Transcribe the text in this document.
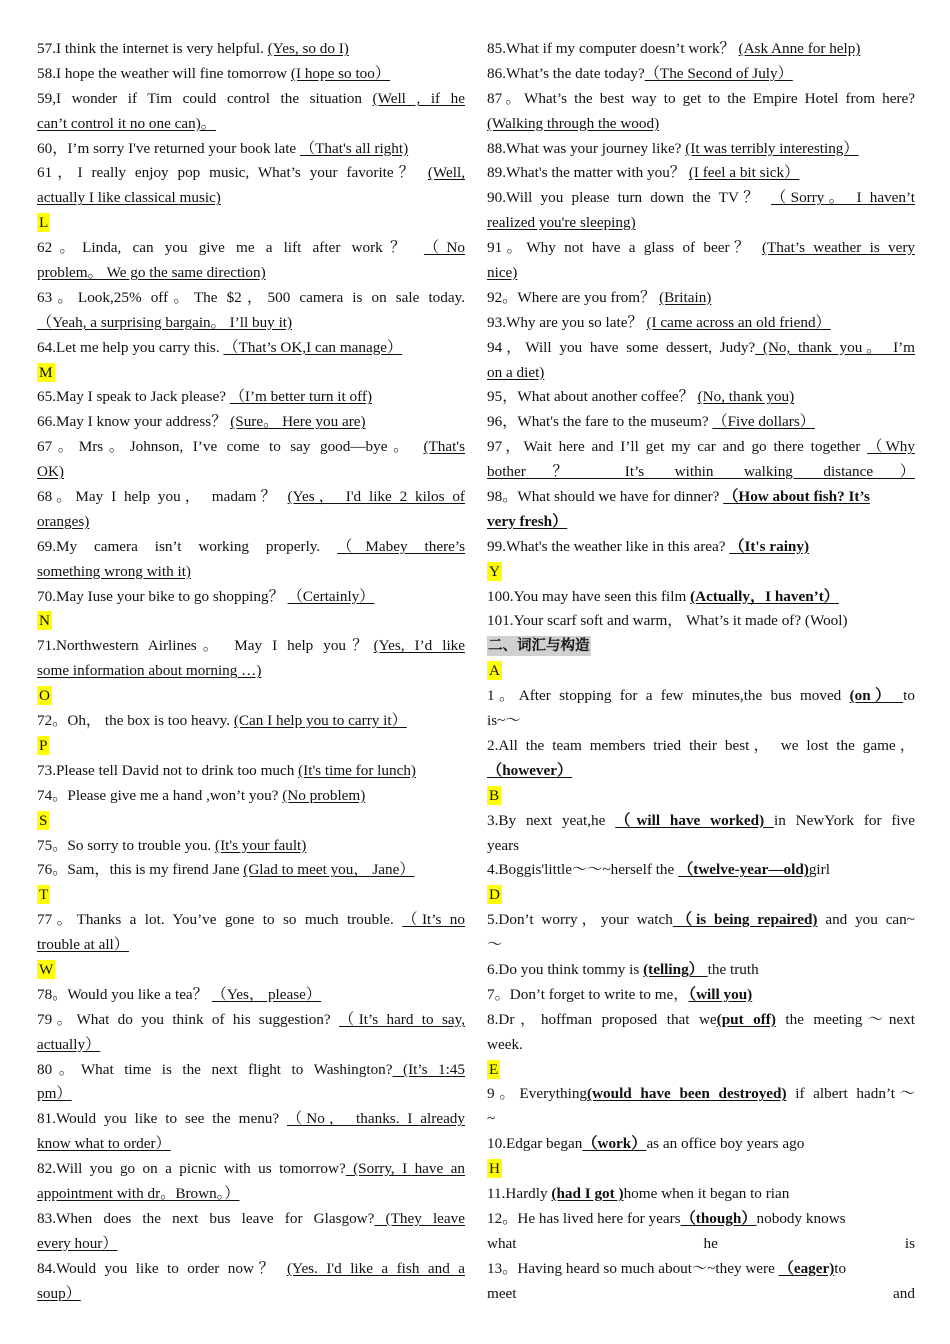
57.I think the internet is very helpful. (Yes, so do I)
58.I hope the weather will fine tomorrow (I hope so too）
59,I wonder if Tim could control the situation (Well , if he
can’t control it no one can)。
60，I’m sorry I've returned your book late （That's all right)
61，I really enjoy pop music, What’s your favorite？ (Well,
actually I like classical music)
L
62。Linda, can you give me a lift after work？ （No
problem。 We go the same direction)
63。Look,25% off。The $2，500 camera is on sale today.
（Yeah, a surprising bargain。 I’ll buy it)
64.Let me help you carry this. （That’s OK,I can manage）
M
65.May I speak to Jack please? （I’m better turn it off)
66.May I know your address？ (Sure。 Here you are)
67。Mrs。Johnson, I’ve come to say good—bye。 (That's
OK)
68。May I help you， madam？ (Yes， I'd like 2 kilos of
oranges)
69.My camera isn’t working properly. （Mabey there’s
something wrong with it)
70.May Iuse your bike to go shopping？ （Certainly）
N
71.Northwestern Airlines。 May I help you？(Yes, I’d like
some information about morning …)
O
72。Oh， the box is too heavy. (Can I help you to carry it）
P
73.Please tell David not to drink too much (It's time for lunch)
74。Please give me a hand ,won’t you? (No problem)
S
75。So sorry to trouble you. (It's your fault)
76。Sam，this is my firend Jane (Glad to meet you， Jane）
T
77。Thanks a lot. You’ve gone to so much trouble. （It’s no
trouble at all）
W
78。Would you like a tea？ （Yes， please）
79。What do you think of his suggestion? （It’s hard to say,
actually）
80。What time is the next flight to Washington? (It’s 1:45
pm）
81.Would you like to see the menu? （No， thanks. I already
know what to order）
82.Will you go on a picnic with us tomorrow? (Sorry, I have an
appointment with dr。Brown。）
83.When does the next bus leave for Glasgow? (They leave
every hour）
84.Would you like to order now？ (Yes. I'd like a fish and a
soup）
85.What if my computer doesn’t work？ (Ask Anne for help)
86.What’s the date today?（The Second of July）
87。What’s the best way to get to the Empire Hotel from here?
(Walking through the wood)
88.What was your journey like? (It was terribly interesting）
89.What's the matter with you？ (I feel a bit sick）
90.Will you please turn down the TV？ （Sorry。 I haven’t
realized you're sleeping)
91。Why not have a glass of beer？ (That’s weather is very
nice)
92。Where are you from？ (Britain)
93.Why are you so late？ (I came across an old friend）
94，Will you have some dessert, Judy? (No, thank you。 I’m
on a diet)
95，What about another coffee？ (No, thank you)
96，What's the fare to the museum? （Five dollars）
97，Wait here and I’ll get my car and go there together （Why
bother？ It’s within walking distance）
98。What should we have for dinner? （How about fish? It’s
very fresh）
99.What's the weather like in this area? （It's rainy)
Y
100.You may have seen this film (Actually，I haven’t）
101.Your scarf soft and warm， What’s it made of? (Wool)
二、词汇与构造
A
1。After stopping for a few minutes,the bus moved (on） to
is~～
2.All the team members tried their best， we lost the game，
（however）
B
3.By next yeat,he （will have worked) in NewYork for five
years
4.Boggis'little～～~herself the （twelve-year—old)girl
D
5.Don’t worry，your watch（is being repaired) and you can~
～
6.Do you think tommy is (telling） the truth
7。Don’t forget to write to me，（will you)
8.Dr，hoffman proposed that we(put off) the meeting～next
week.
E
9。Everything(would have been destroyed) if albert hadn’t～
~
10.Edgar began（work）as an office boy years ago
H
11.Hardly (had I got )home when it began to rian
12。He has lived here for years（though）nobody knows
what he is
13。Having heard so much about～~they were （eager)to
meet and
